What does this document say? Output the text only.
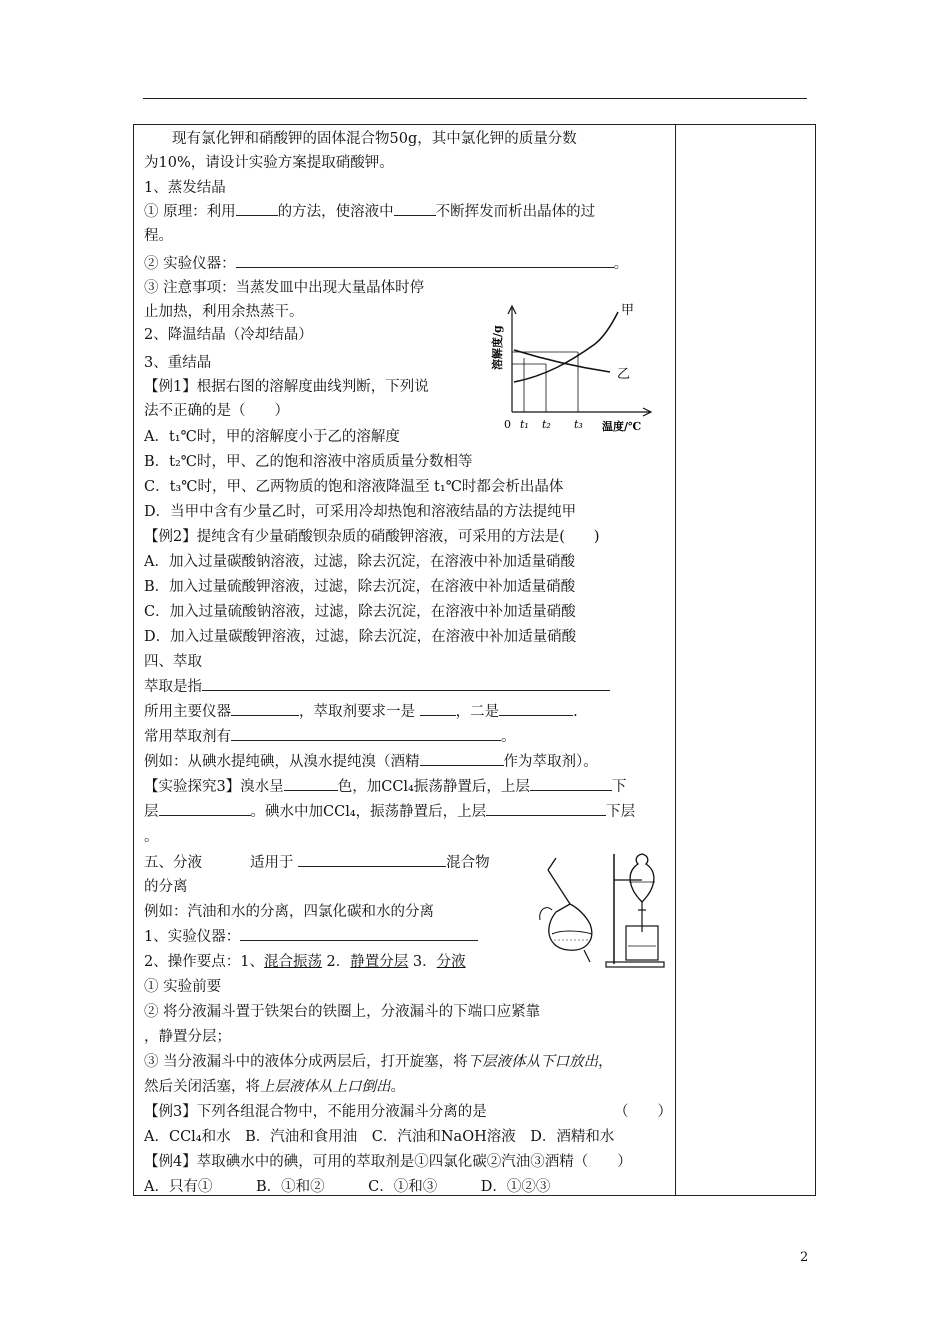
现有氯化钾和硝酸钾的固体混合物50g，其中氯化钾的质量分数
为10%，请设计实验方案提取硝酸钾。
1、蒸发结晶
① 原理：利用	的方法，使溶液中	不断挥发而析出晶体的过
程。
② 实验仪器：	。
③ 注意事项：当蒸发皿中出现大量晶体时停
止加热，利用余热蒸干。
2、降温结晶（冷却结晶）
3、重结晶
【例1】根据右图的溶解度曲线判断，下列说
法不正确的是（　　）
A．t₁℃时，甲的溶解度小于乙的溶解度
B．t₂℃时，甲、乙的饱和溶液中溶质质量分数相等
C．t₃℃时，甲、乙两物质的饱和溶液降温至 t₁℃时都会析出晶体
D．当甲中含有少量乙时，可采用冷却热饱和溶液结晶的方法提纯甲
【例2】提纯含有少量硝酸钡杂质的硝酸钾溶液，可采用的方法是(　　)
A．加入过量碳酸钠溶液，过滤，除去沉淀，在溶液中补加适量硝酸
B．加入过量硫酸钾溶液，过滤，除去沉淀，在溶液中补加适量硝酸
C．加入过量硫酸钠溶液，过滤，除去沉淀，在溶液中补加适量硝酸
D．加入过量碳酸钾溶液，过滤，除去沉淀，在溶液中补加适量硝酸
四、萃取
萃取是指
所用主要仪器	，萃取剂要求一是	，二是	.
常用萃取剂有	。
例如：从碘水提纯碘，从溴水提纯溴（酒精	作为萃取剂）。
【实验探究3】溴水呈	色，加CCl₄振荡静置后，上层	下
层	。碘水中加CCl₄，振荡静置后，上层	下层
。
五、分液	适用于	混合物
的分离
例如：汽油和水的分离，四氯化碳和水的分离
1、实验仪器：
2、操作要点：1、混合振荡 2．静置分层 3．分液
① 实验前要
② 将分液漏斗置于铁架台的铁圈上，分液漏斗的下端口应紧靠
，静置分层；
③ 当分液漏斗中的液体分成两层后，打开旋塞，将下层液体从下口放出，
然后关闭活塞，将上层液体从上口倒出。
【例3】下列各组混合物中，不能用分液漏斗分离的是	（　　）
A．CCl₄和水　B．汽油和食用油　C．汽油和NaOH溶液　D．酒精和水
【例4】萃取碘水中的碘，可用的萃取剂是①四氯化碳②汽油③酒精（　　）
A．只有①　　　B．①和②　　　C．①和③　　　D．①②③
甲
乙
0 t₁ t₂ t₃ 温度/℃
溶解度/g
2
